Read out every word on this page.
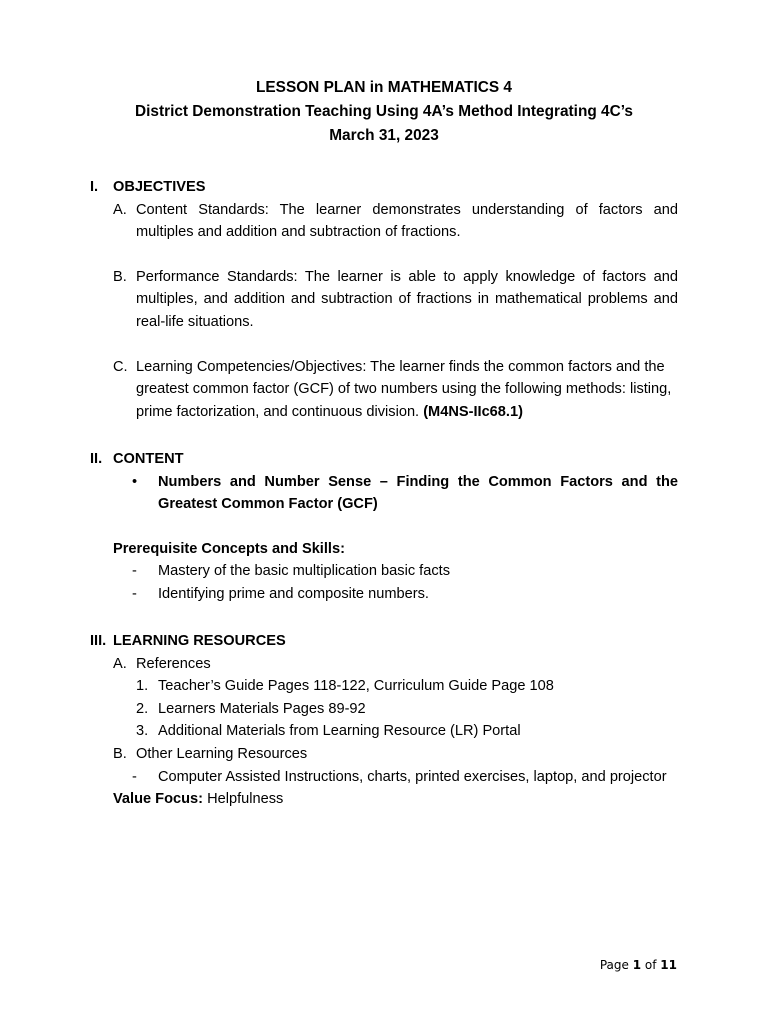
LESSON PLAN in MATHEMATICS 4
District Demonstration Teaching Using 4A’s Method Integrating 4C’s
March 31, 2023
I.	OBJECTIVES
A. Content Standards: The learner demonstrates understanding of factors and multiples and addition and subtraction of fractions.
B. Performance Standards: The learner is able to apply knowledge of factors and multiples, and addition and subtraction of fractions in mathematical problems and real-life situations.
C. Learning Competencies/Objectives: The learner finds the common factors and the greatest common factor (GCF) of two numbers using the following methods: listing, prime factorization, and continuous division. (M4NS-IIc68.1)
II. CONTENT
•	Numbers and Number Sense – Finding the Common Factors and the Greatest Common Factor (GCF)
Prerequisite Concepts and Skills:
-	Mastery of the basic multiplication basic facts
-	Identifying prime and composite numbers.
III. LEARNING RESOURCES
A. References
1. Teacher’s Guide Pages 118-122, Curriculum Guide Page 108
2. Learners Materials Pages 89-92
3. Additional Materials from Learning Resource (LR) Portal
B. Other Learning Resources
-	Computer Assisted Instructions, charts, printed exercises, laptop, and projector
Value Focus: Helpfulness
Page 1 of 11
